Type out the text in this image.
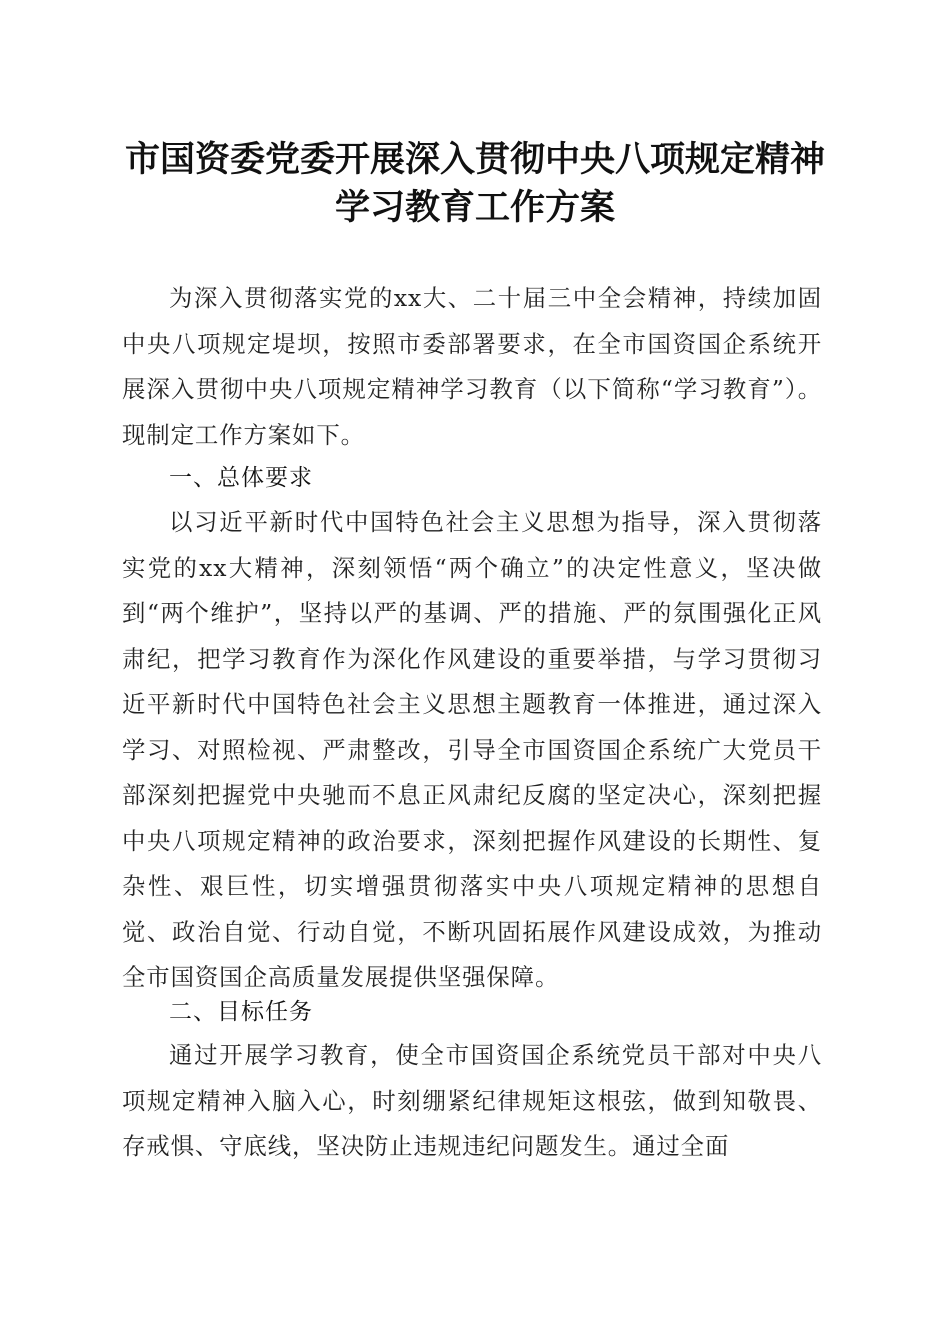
市国资委党委开展深入贯彻中央八项规定精神
学习教育工作方案

为深入贯彻落实党的xx大、二十届三中全会精神，持续加固中央八项规定堤坝，按照市委部署要求，在全市国资国企系统开展深入贯彻中央八项规定精神学习教育（以下简称“学习教育”）。现制定工作方案如下。

一、总体要求

以习近平新时代中国特色社会主义思想为指导，深入贯彻落实党的xx大精神，深刻领悟“两个确立”的决定性意义，坚决做到“两个维护”，坚持以严的基调、严的措施、严的氛围强化正风肃纪，把学习教育作为深化作风建设的重要举措，与学习贯彻习近平新时代中国特色社会主义思想主题教育一体推进，通过深入学习、对照检视、严肃整改，引导全市国资国企系统广大党员干部深刻把握党中央驰而不息正风肃纪反腐的坚定决心，深刻把握中央八项规定精神的政治要求，深刻把握作风建设的长期性、复杂性、艰巨性，切实增强贯彻落实中央八项规定精神的思想自觉、政治自觉、行动自觉，不断巩固拓展作风建设成效，为推动全市国资国企高质量发展提供坚强保障。

二、目标任务

通过开展学习教育，使全市国资国企系统党员干部对中央八项规定精神入脑入心，时刻绷紧纪律规矩这根弦，做到知敬畏、存戒惧、守底线，坚决防止违规违纪问题发生。通过全面
